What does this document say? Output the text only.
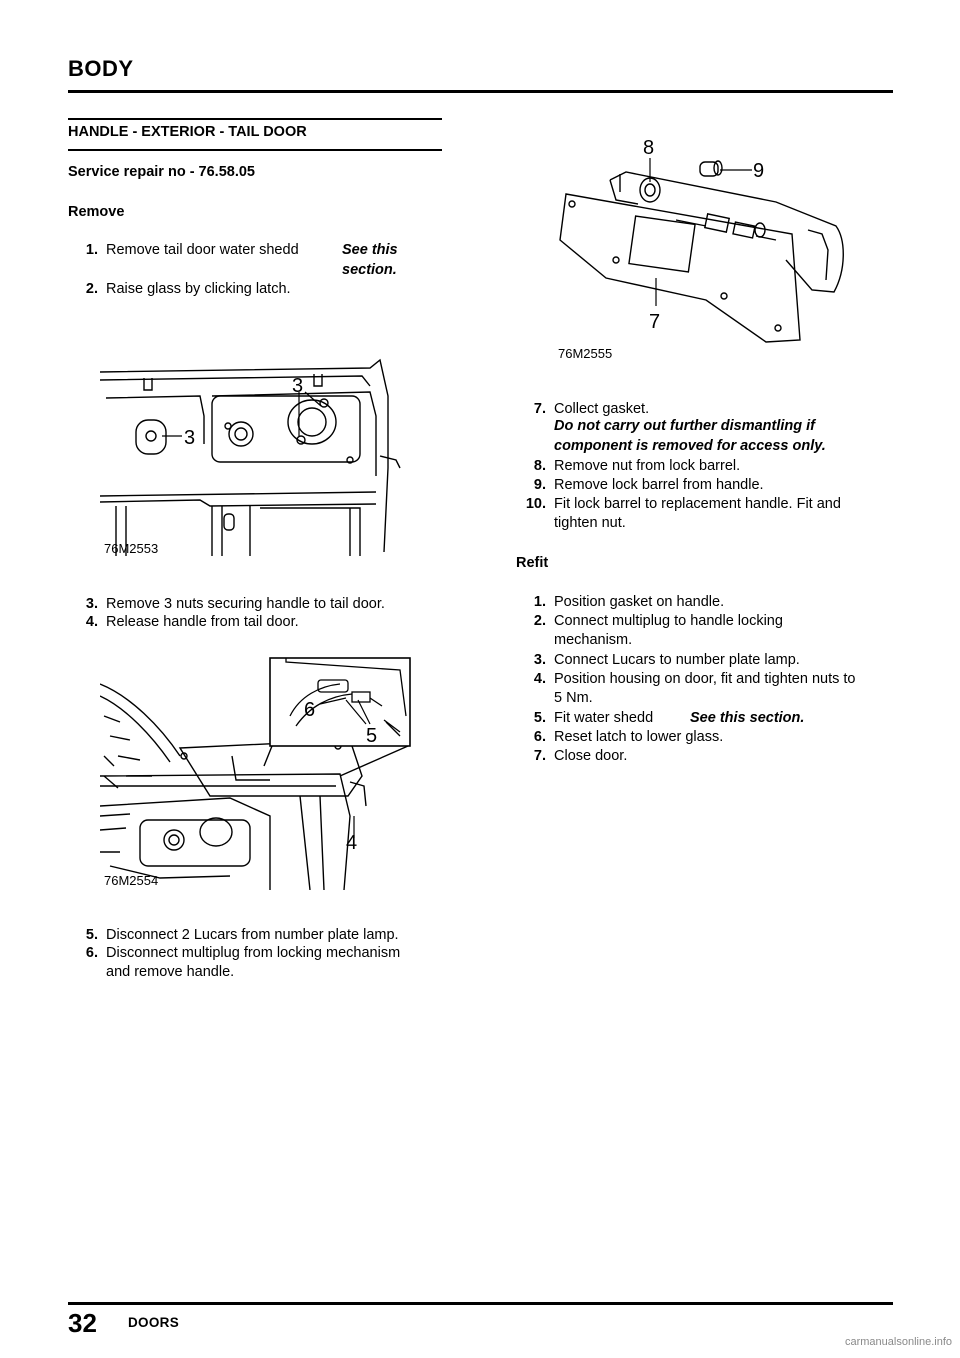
BODY
HANDLE - EXTERIOR - TAIL DOOR
Service repair no - 76.58.05
Remove
1. Remove tail door water shedd	See this section.
2. Raise glass by clicking latch.
3
3
76M2553
3. Remove 3 nuts securing handle to tail door.
4. Release handle from tail door.
6
5
4
76M2554
5. Disconnect 2 Lucars from number plate lamp.
6. Disconnect multiplug from locking mechanism
and remove handle.
8
9
7
76M2555
7. Collect gasket.
Do not carry out further dismantling if
component is removed for access only.
8. Remove nut from lock barrel.
9. Remove lock barrel from handle.
10. Fit lock barrel to replacement handle. Fit and
tighten nut.
Refit
1. Position gasket on handle.
2. Connect multiplug to handle locking
mechanism.
3. Connect Lucars to number plate lamp.
4. Position housing on door, fit and tighten nuts to
5 Nm.
5. Fit water shedd	See this section.
6. Reset latch to lower glass.
7. Close door.
32 DOORS
carmanualsonline.info
